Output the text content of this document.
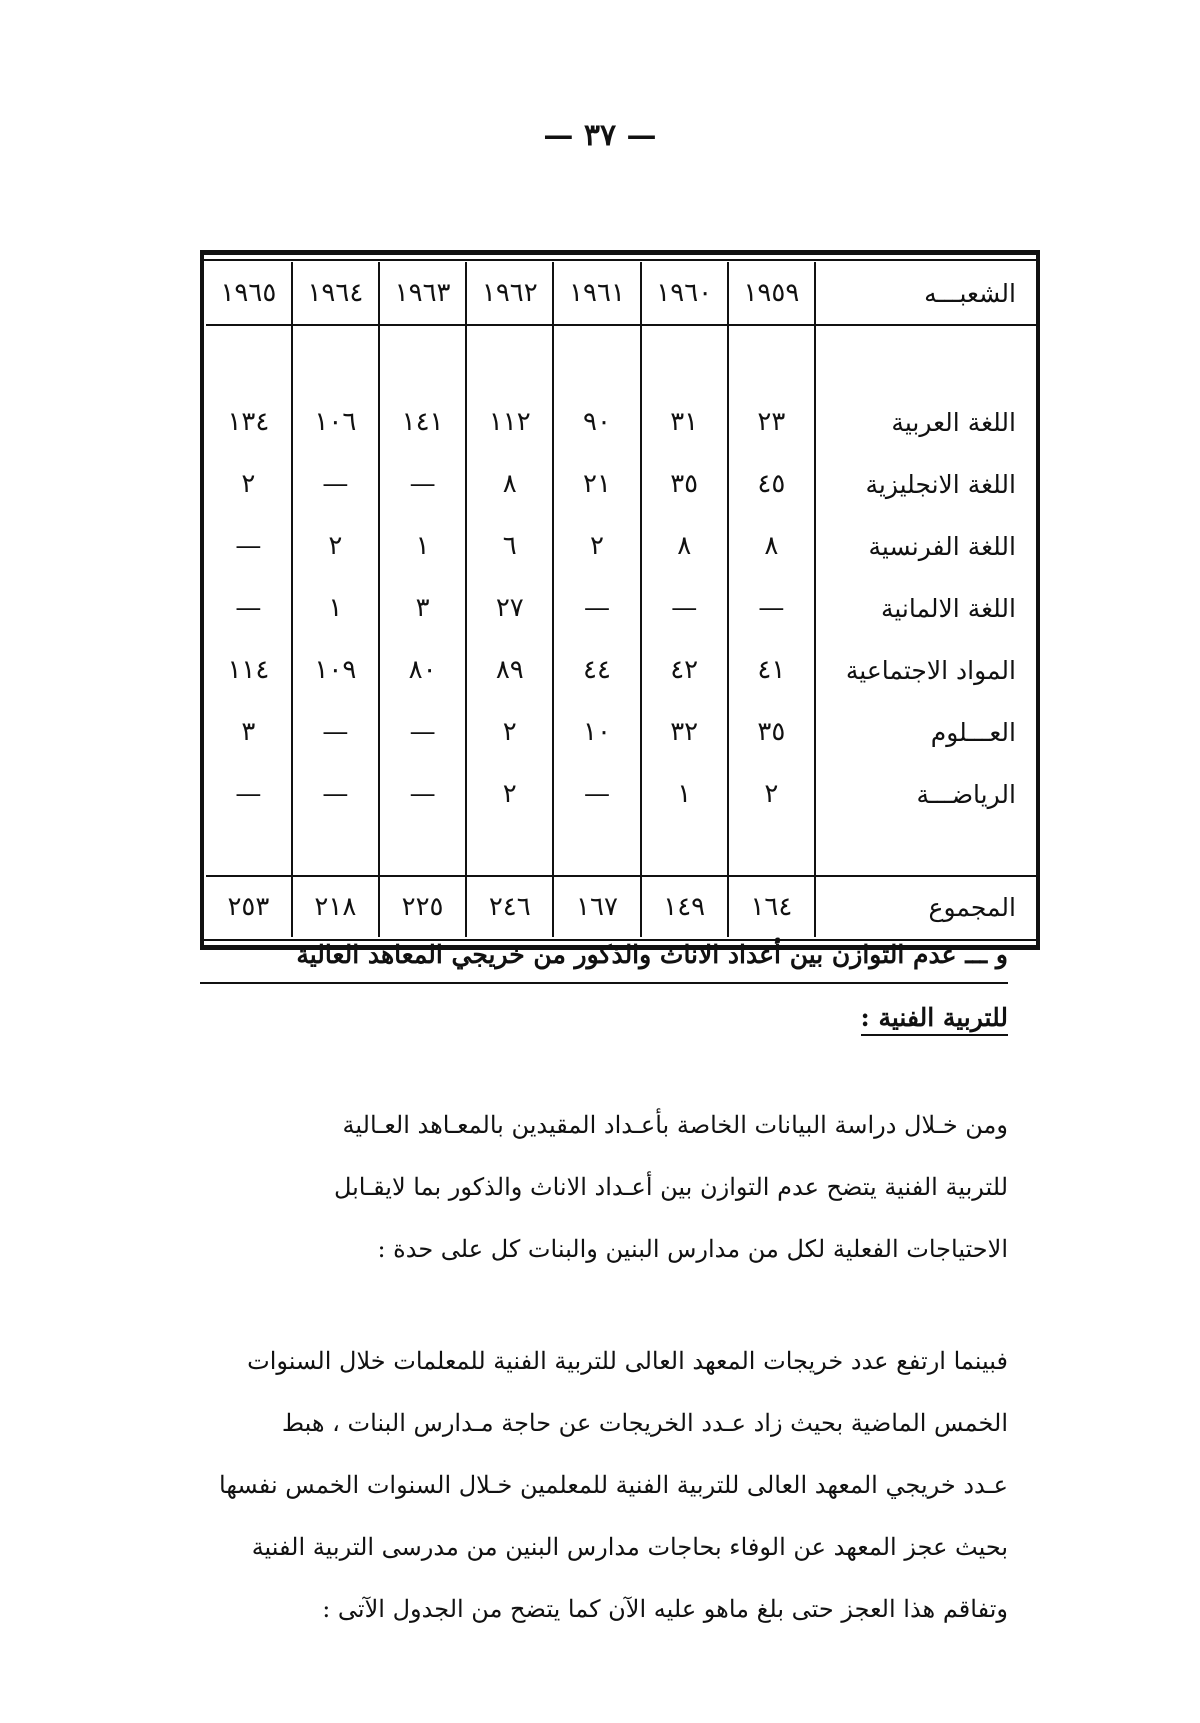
— ٣٧ —
الشعبـــه	١٩٥٩	١٩٦٠	١٩٦١	١٩٦٢	١٩٦٣	١٩٦٤	١٩٦٥

اللغة العربية	٢٣	٣١	٩٠	١١٢	١٤١	١٠٦	١٣٤
اللغة الانجليزية	٤٥	٣٥	٢١	٨	—	—	٢
اللغة الفرنسية	٨	٨	٢	٦	١	٢	—
اللغة الالمانية	—	—	—	٢٧	٣	١	—
المواد الاجتماعية	٤١	٤٢	٤٤	٨٩	٨٠	١٠٩	١١٤
العـــلوم	٣٥	٣٢	١٠	٢	—	—	٣
الرياضـــة	٢	١	—	٢	—	—	—

المجموع	١٦٤	١٤٩	١٦٧	٢٤٦	٢٢٥	٢١٨	٢٥٣
و ـــ عدم التوازن بين أعداد الاناث والذكور من خريجي المعاهد العالية
للتربية الفنية :
ومن خـلال دراسة البيانات الخاصة بأعـداد المقيدين بالمعـاهد العـالية
للتربية الفنية يتضح عدم التوازن بين أعـداد الاناث والذكور بما لايقـابل
الاحتياجات الفعلية لكل من مدارس البنين والبنات كل على حدة :
فبينما ارتفع عدد خريجات المعهد العالى للتربية الفنية للمعلمات خلال السنوات
الخمس الماضية بحيث زاد عـدد الخريجات عن حاجة مـدارس البنات ، هبط
عـدد خريجي المعهد العالى للتربية الفنية للمعلمين خـلال السنوات الخمس نفسها
بحيث عجز المعهد عن الوفاء بحاجات مدارس البنين من مدرسى التربية الفنية
وتفاقم هذا العجز حتى بلغ ماهو عليه الآن كما يتضح من الجدول الآتى :
